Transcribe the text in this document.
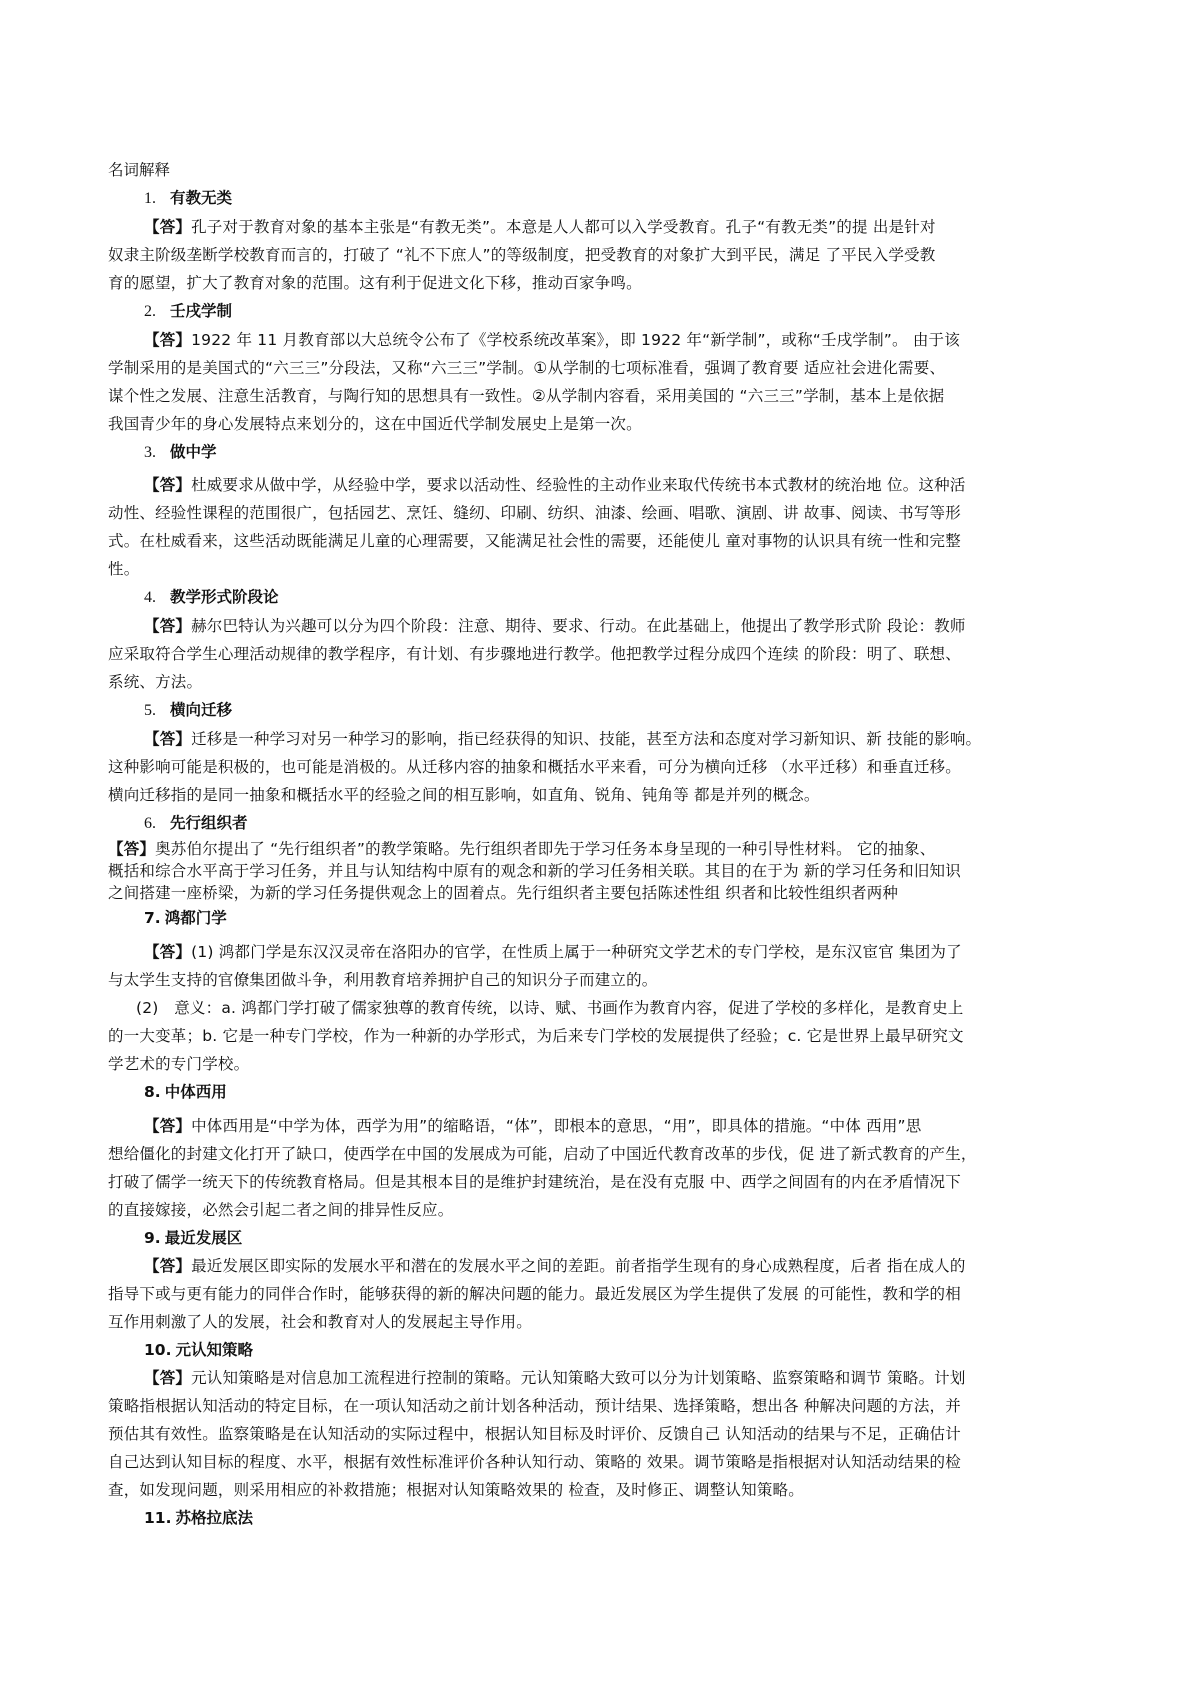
名词解释
1. 有教无类
【答】孔子对于教育对象的基本主张是“有教无类”。本意是人人都可以入学受教育。孔子“有教无类”的提 出是针对
奴隶主阶级垄断学校教育而言的，打破了 “礼不下庶人”的等级制度，把受教育的对象扩大到平民，满足 了平民入学受教
育的愿望，扩大了教育对象的范围。这有利于促进文化下移，推动百家争鸣。
2. 壬戌学制
【答】1922 年 11 月教育部以大总统令公布了《学校系统改革案》，即 1922 年“新学制”，或称“壬戌学制”。 由于该
学制采用的是美国式的“六三三”分段法，又称“六三三”学制。①从学制的七项标准看，强调了教育要 适应社会进化需要、
谋个性之发展、注意生活教育，与陶行知的思想具有一致性。②从学制内容看，采用美国的 “六三三”学制，基本上是依据
我国青少年的身心发展特点来划分的，这在中国近代学制发展史上是第一次。
3. 做中学
【答】杜威要求从做中学，从经验中学，要求以活动性、经验性的主动作业来取代传统书本式教材的统治地 位。这种活
动性、经验性课程的范围很广，包括园艺、烹饪、缝纫、印刷、纺织、油漆、绘画、唱歌、演剧、讲 故事、阅读、书写等形
式。在杜威看来，这些活动既能满足儿童的心理需要，又能满足社会性的需要，还能使儿 童对事物的认识具有统一性和完整
性。
4. 教学形式阶段论
【答】赫尔巴特认为兴趣可以分为四个阶段：注意、期待、要求、行动。在此基础上，他提出了教学形式阶 段论：教师
应采取符合学生心理活动规律的教学程序，有计划、有步骤地进行教学。他把教学过程分成四个连续 的阶段：明了、联想、
系统、方法。
5. 横向迁移
【答】迁移是一种学习对另一种学习的影响，指已经获得的知识、技能，甚至方法和态度对学习新知识、新 技能的影响。
这种影响可能是积极的，也可能是消极的。从迁移内容的抽象和概括水平来看，可分为横向迁移 （水平迁移）和垂直迁移。
横向迁移指的是同一抽象和概括水平的经验之间的相互影响，如直角、锐角、钝角等 都是并列的概念。
6. 先行组织者
【答】奥苏伯尔提出了 “先行组织者”的教学策略。先行组织者即先于学习任务本身呈现的一种引导性材料。 它的抽象、
概括和综合水平高于学习任务，并且与认知结构中原有的观念和新的学习任务相关联。其目的在于为 新的学习任务和旧知识
之间搭建一座桥梁，为新的学习任务提供观念上的固着点。先行组织者主要包括陈述性组 织者和比较性组织者两种
7. 鸿都门学
【答】(1) 鸿都门学是东汉汉灵帝在洛阳办的官学，在性质上属于一种研究文学艺术的专门学校，是东汉宦官 集团为了
与太学生支持的官僚集团做斗争，利用教育培养拥护自己的知识分子而建立的。
(2)　意义：a. 鸿都门学打破了儒家独尊的教育传统，以诗、赋、书画作为教育内容，促进了学校的多样化，是教育史上
的一大变革；b. 它是一种专门学校，作为一种新的办学形式，为后来专门学校的发展提供了经验；c. 它是世界上最早研究文
学艺术的专门学校。
8. 中体西用
【答】中体西用是“中学为体，西学为用”的缩略语，“体”，即根本的意思，“用”，即具体的措施。“中体 西用”思
想给僵化的封建文化打开了缺口，使西学在中国的发展成为可能，启动了中国近代教育改革的步伐，促 进了新式教育的产生，
打破了儒学一统天下的传统教育格局。但是其根本目的是维护封建统治，是在没有克服 中、西学之间固有的内在矛盾情况下
的直接嫁接，必然会引起二者之间的排异性反应。
9. 最近发展区
【答】最近发展区即实际的发展水平和潜在的发展水平之间的差距。前者指学生现有的身心成熟程度，后者 指在成人的
指导下或与更有能力的同伴合作时，能够获得的新的解决问题的能力。最近发展区为学生提供了发展 的可能性，教和学的相
互作用刺激了人的发展，社会和教育对人的发展起主导作用。
10. 元认知策略
【答】元认知策略是对信息加工流程进行控制的策略。元认知策略大致可以分为计划策略、监察策略和调节 策略。计划
策略指根据认知活动的特定目标，在一项认知活动之前计划各种活动，预计结果、选择策略，想出各 种解决问题的方法，并
预估其有效性。监察策略是在认知活动的实际过程中，根据认知目标及时评价、反馈自己 认知活动的结果与不足，正确估计
自己达到认知目标的程度、水平，根据有效性标准评价各种认知行动、策略的 效果。调节策略是指根据对认知活动结果的检
查，如发现问题，则采用相应的补救措施；根据对认知策略效果的 检查，及时修正、调整认知策略。
11. 苏格拉底法
